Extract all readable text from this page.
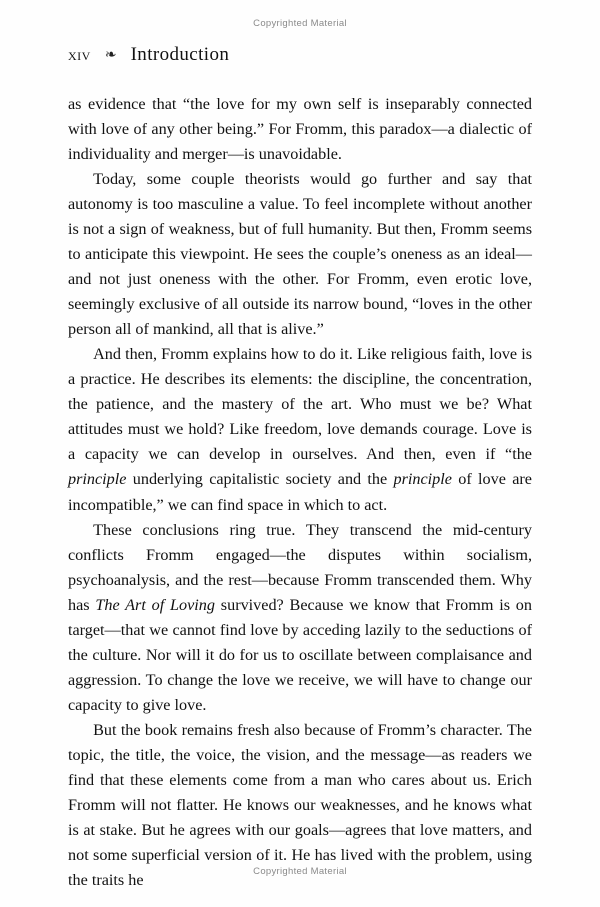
Copyrighted Material
xiv ❧ Introduction

as evidence that “the love for my own self is inseparably connected with love of any other being.” For Fromm, this paradox—a dialectic of individuality and merger—is unavoidable.

Today, some couple theorists would go further and say that autonomy is too masculine a value. To feel incomplete without another is not a sign of weakness, but of full humanity. But then, Fromm seems to anticipate this viewpoint. He sees the couple’s oneness as an ideal—and not just oneness with the other. For Fromm, even erotic love, seemingly exclusive of all outside its narrow bound, “loves in the other person all of mankind, all that is alive.”

And then, Fromm explains how to do it. Like religious faith, love is a practice. He describes its elements: the discipline, the concentration, the patience, and the mastery of the art. Who must we be? What attitudes must we hold? Like freedom, love demands courage. Love is a capacity we can develop in ourselves. And then, even if “the principle underlying capitalistic society and the principle of love are incompatible,” we can find space in which to act.

These conclusions ring true. They transcend the mid-century conflicts Fromm engaged—the disputes within socialism, psychoanalysis, and the rest—because Fromm transcended them. Why has The Art of Loving survived? Because we know that Fromm is on target—that we cannot find love by acceding lazily to the seductions of the culture. Nor will it do for us to oscillate between complaisance and aggression. To change the love we receive, we will have to change our capacity to give love.

But the book remains fresh also because of Fromm’s character. The topic, the title, the voice, the vision, and the message—as readers we find that these elements come from a man who cares about us. Erich Fromm will not flatter. He knows our weaknesses, and he knows what is at stake. But he agrees with our goals—agrees that love matters, and not some superficial version of it. He has lived with the problem, using the traits he	Copyrighted Material
